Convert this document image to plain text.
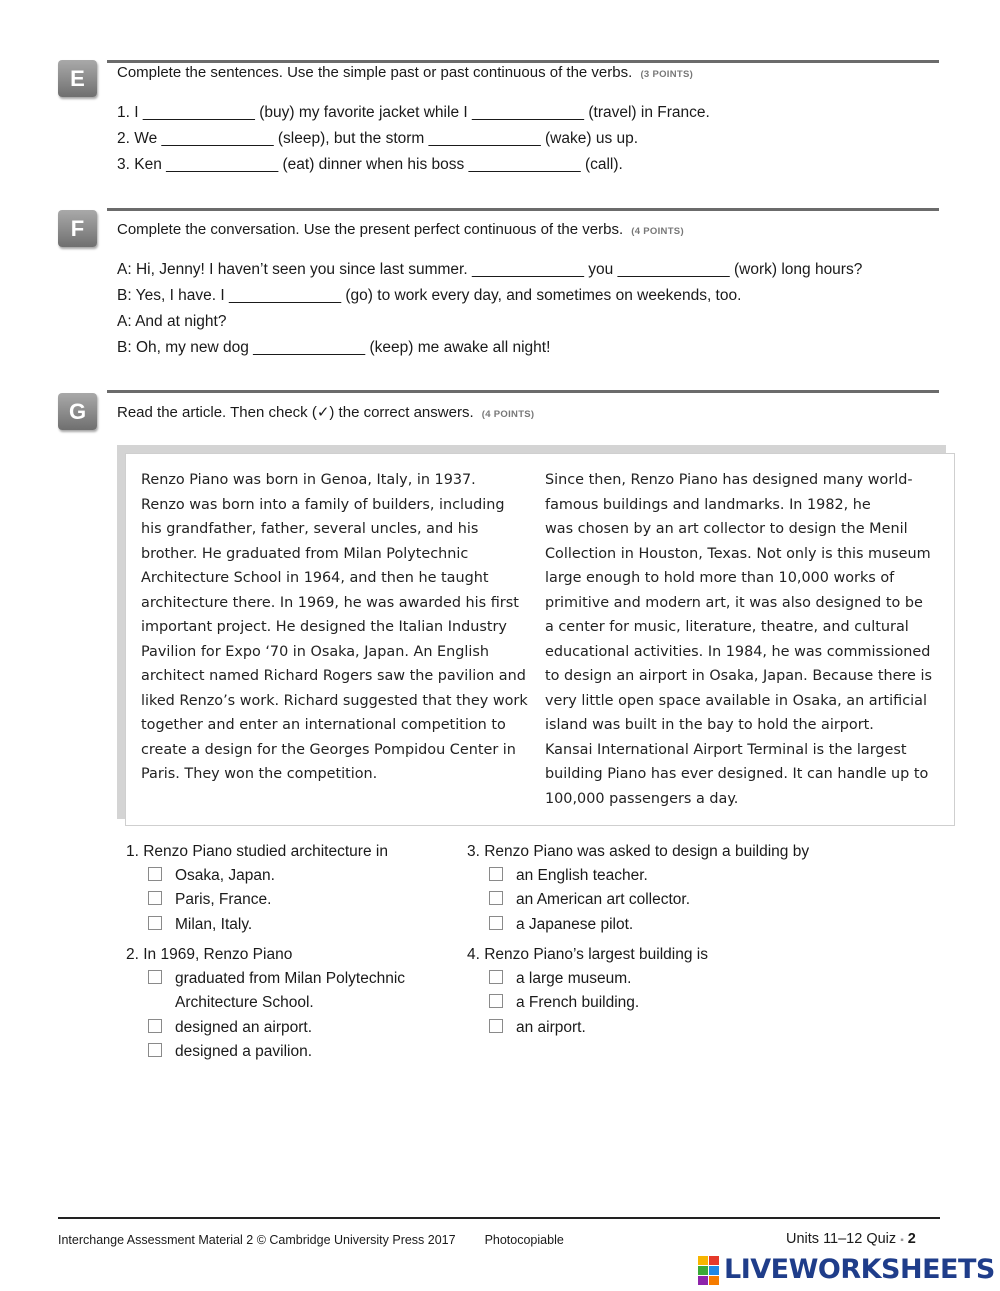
E	Complete the sentences. Use the simple past or past continuous of the verbs. (3 POINTS)
1. I _____________ (buy) my favorite jacket while I _____________ (travel) in France.
2. We _____________ (sleep), but the storm _____________ (wake) us up.
3. Ken _____________ (eat) dinner when his boss _____________ (call).
F	Complete the conversation. Use the present perfect continuous of the verbs. (4 POINTS)
A: Hi, Jenny! I haven’t seen you since last summer. _____________ you _____________ (work) long hours?
B: Yes, I have. I _____________ (go) to work every day, and sometimes on weekends, too.
A: And at night?
B: Oh, my new dog _____________ (keep) me awake all night!
G	Read the article. Then check (✓) the correct answers. (4 POINTS)
Renzo Piano was born in Genoa, Italy, in 1937.
Renzo was born into a family of builders, including
his grandfather, father, several uncles, and his
brother. He graduated from Milan Polytechnic
Architecture School in 1964, and then he taught
architecture there. In 1969, he was awarded his first
important project. He designed the Italian Industry
Pavilion for Expo ‘70 in Osaka, Japan. An English
architect named Richard Rogers saw the pavilion and
liked Renzo’s work. Richard suggested that they work
together and enter an international competition to
create a design for the Georges Pompidou Center in
Paris. They won the competition.
Since then, Renzo Piano has designed many world-
famous buildings and landmarks. In 1982, he
was chosen by an art collector to design the Menil
Collection in Houston, Texas. Not only is this museum
large enough to hold more than 10,000 works of
primitive and modern art, it was also designed to be
a center for music, literature, theatre, and cultural
educational activities. In 1984, he was commissioned
to design an airport in Osaka, Japan. Because there is
very little open space available in Osaka, an artificial
island was built in the bay to hold the airport.
Kansai International Airport Terminal is the largest
building Piano has ever designed. It can handle up to
100,000 passengers a day.
1. Renzo Piano studied architecture in
Osaka, Japan.
Paris, France.
Milan, Italy.
2. In 1969, Renzo Piano
graduated from Milan Polytechnic
Architecture School.
designed an airport.
designed a pavilion.
3. Renzo Piano was asked to design a building by
an English teacher.
an American art collector.
a Japanese pilot.
4. Renzo Piano’s largest building is
a large museum.
a French building.
an airport.
Interchange Assessment Material 2 © Cambridge University Press 2017 Photocopiable	Units 11–12 Quiz ▪ 2
LIVEWORKSHEETS
